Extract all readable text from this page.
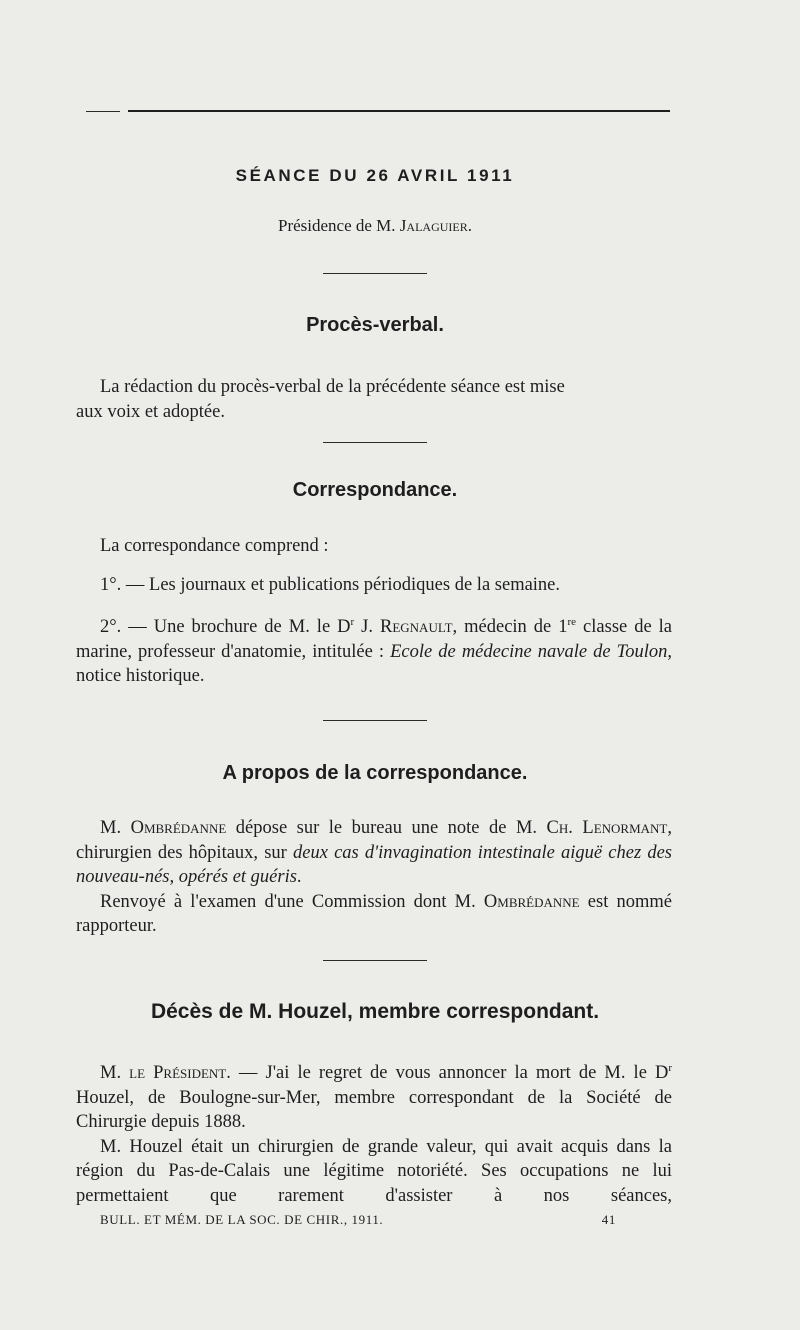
SÉANCE DU 26 AVRIL 1911
Présidence de M. Jalaguier.
Procès-verbal.

La rédaction du procès-verbal de la précédente séance est mise

aux voix et adoptée.

Correspondance.

La correspondance comprend :

1°. — Les journaux et publications périodiques de la semaine.

2°. — Une brochure de M. le $D^r$ J. Regnault, médecin de 1re classe de la marine, professeur d'anatomie, intitulée : Ecole de médecine navale de Toulon, notice historique.

A propos de la correspondance.

M. Ombrédanne dépose sur le bureau une note de M. Ch. Lenormant, chirurgien des hôpitaux, sur deux cas d'invagination intestinale aiguë chez des nouveau-nés, opérés et guéris.

Renvoyé à l'examen d'une Commission dont M. Ombrédanne est nommé rapporteur.

Décès de M. Houzel, membre correspondant.

M. le Président. — J'ai le regret de vous annoncer la mort de M. le $D^r$ Houzel, de Boulogne-sur-Mer, membre correspondant de la Société de Chirurgie depuis 1888.

M. Houzel était un chirurgien de grande valeur, qui avait acquis dans la région du Pas-de-Calais une légitime notoriété. Ses occupations ne lui permettaient que rarement d'assister à nos séances,

BULL. ET MÉM. DE LA SOC. DE CHIR., 1911.	41
